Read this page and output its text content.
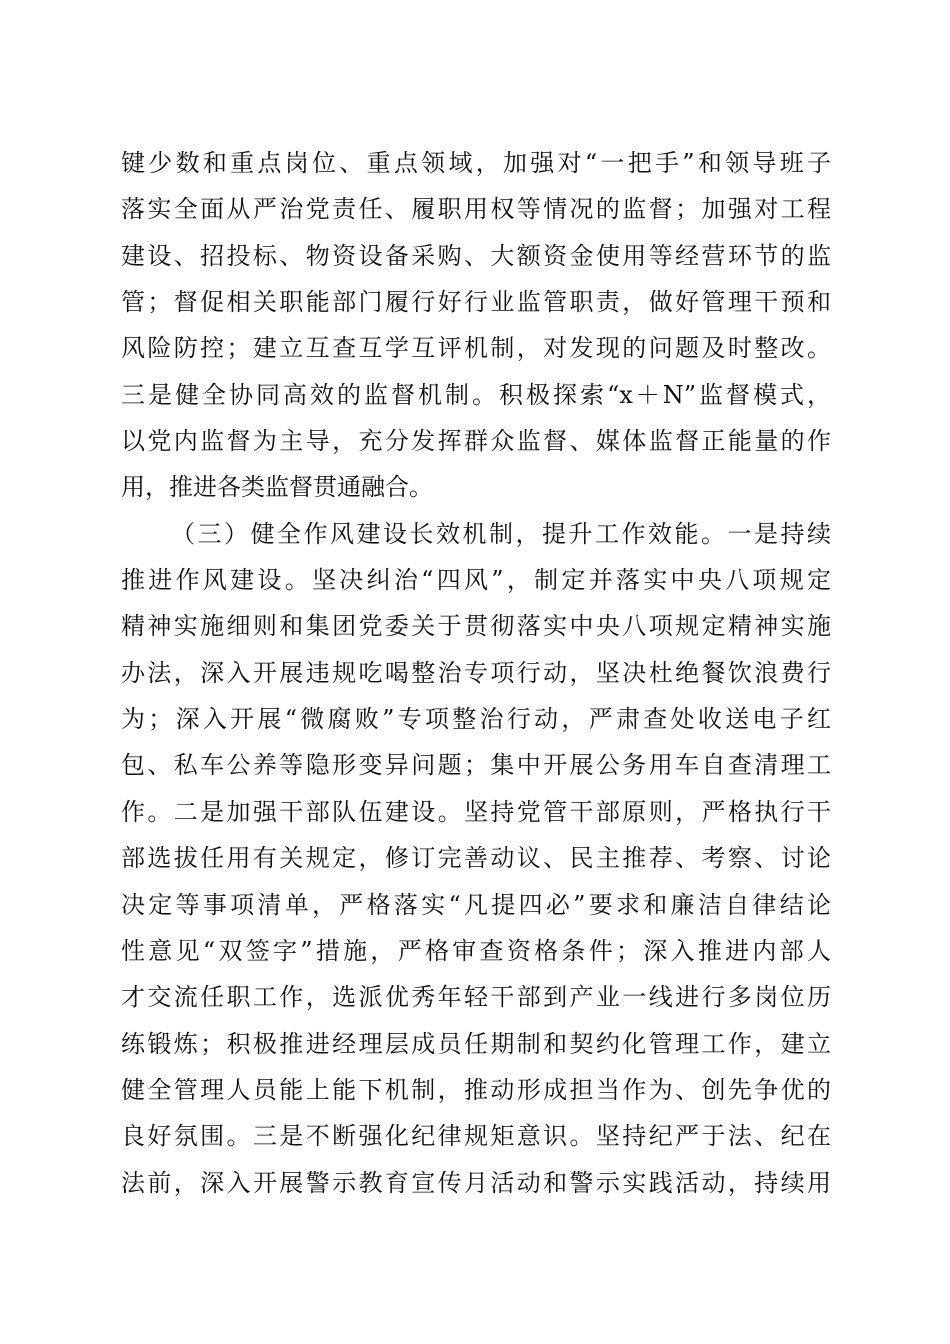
键少数和重点岗位、重点领域，加强对“一把手”和领导班子
落实全面从严治党责任、履职用权等情况的监督；加强对工程
建设、招投标、物资设备采购、大额资金使用等经营环节的监
管；督促相关职能部门履行好行业监管职责，做好管理干预和
风险防控；建立互查互学互评机制，对发现的问题及时整改。
三是健全协同高效的监督机制。积极探索“x＋N”监督模式，
以党内监督为主导，充分发挥群众监督、媒体监督正能量的作
用，推进各类监督贯通融合。
（三）健全作风建设长效机制，提升工作效能。一是持续
推进作风建设。坚决纠治“四风”，制定并落实中央八项规定
精神实施细则和集团党委关于贯彻落实中央八项规定精神实施
办法，深入开展违规吃喝整治专项行动，坚决杜绝餐饮浪费行
为；深入开展“微腐败”专项整治行动，严肃查处收送电子红
包、私车公养等隐形变异问题；集中开展公务用车自查清理工
作。二是加强干部队伍建设。坚持党管干部原则，严格执行干
部选拔任用有关规定，修订完善动议、民主推荐、考察、讨论
决定等事项清单，严格落实“凡提四必”要求和廉洁自律结论
性意见“双签字”措施，严格审查资格条件；深入推进内部人
才交流任职工作，选派优秀年轻干部到产业一线进行多岗位历
练锻炼；积极推进经理层成员任期制和契约化管理工作，建立
健全管理人员能上能下机制，推动形成担当作为、创先争优的
良好氛围。三是不断强化纪律规矩意识。坚持纪严于法、纪在
法前，深入开展警示教育宣传月活动和警示实践活动，持续用
